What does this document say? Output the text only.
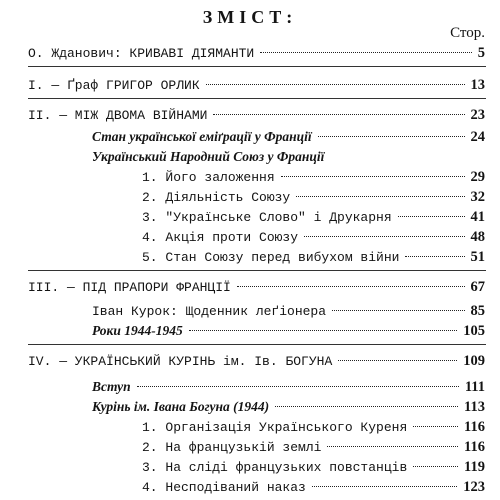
ЗМІСТ:
Стор.
О. Жданович: КРИВАВІ ДІЯМАНТИ	5
I. — Ґраф ГРИГОР ОРЛИК	13
II. — МІЖ ДВОМА ВІЙНАМИ	23
Стан української еміґрації у Франції	24
Український Народний Союз у Франції
1. Його заложення	29
2. Діяльність Союзу	32
3. "Українське Слово" і Друкарня	41
4. Акція проти Союзу	48
5. Стан Союзу перед вибухом війни	51
III. — ПІД ПРАПОРИ ФРАНЦІЇ	67
Іван Курок: Щоденник леґіонера	85
Роки 1944-1945	105
IV. — УКРАЇНСЬКИЙ КУРІНЬ ім. Ів. БОГУНА	109
Вступ	111
Курінь ім. Івана Богуна (1944)	113
1. Організація Українського Куреня	116
2. На французькій землі	116
3. На сліді французьких повстанців	119
4. Несподіваний наказ	123
